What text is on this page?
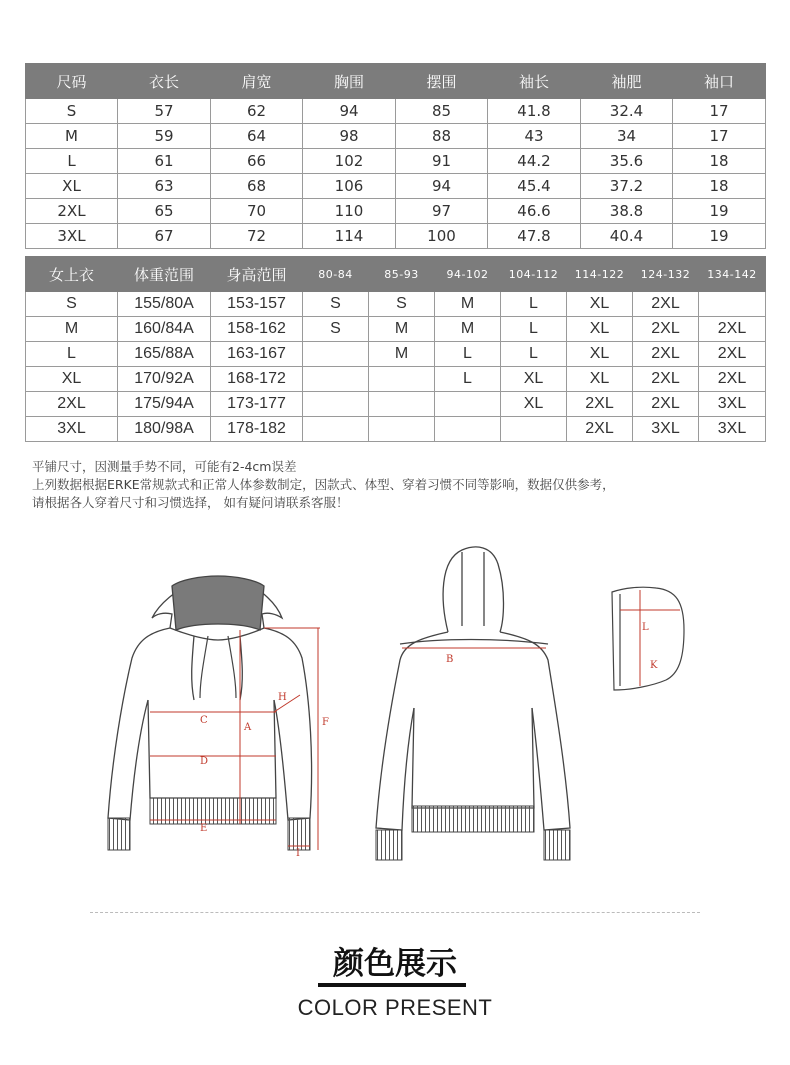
尺码	衣长	肩宽	胸围	摆围	袖长	袖肥	袖口
S	57	62	94	85	41.8	32.4	17
M	59	64	98	88	43	34	17
L	61	66	102	91	44.2	35.6	18
XL	63	68	106	94	45.4	37.2	18
2XL	65	70	110	97	46.6	38.8	19
3XL	67	72	114	100	47.8	40.4	19
女上衣	体重范围	身高范围	80-84	85-93	94-102	104-112	114-122	124-132	134-142
S	155/80A	153-157	S	S	M	L	XL	2XL	
M	160/84A	158-162	S	M	M	L	XL	2XL	2XL
L	165/88A	163-167		M	L	L	XL	2XL	2XL
XL	170/92A	168-172			L	XL	XL	2XL	2XL
2XL	175/94A	173-177				XL	2XL	2XL	3XL
3XL	180/98A	178-182					2XL	3XL	3XL
平铺尺寸，因测量手势不同，可能有2-4cm误差
上列数据根据ERKE常规款式和正常人体参数制定，因款式、体型、穿着习惯不同等影响，数据仅供参考，
请根据各人穿着尺寸和习惯选择， 如有疑问请联系客服！
C
D
E
A	F
H
I
B
L
K
颜色展示
COLOR PRESENT
